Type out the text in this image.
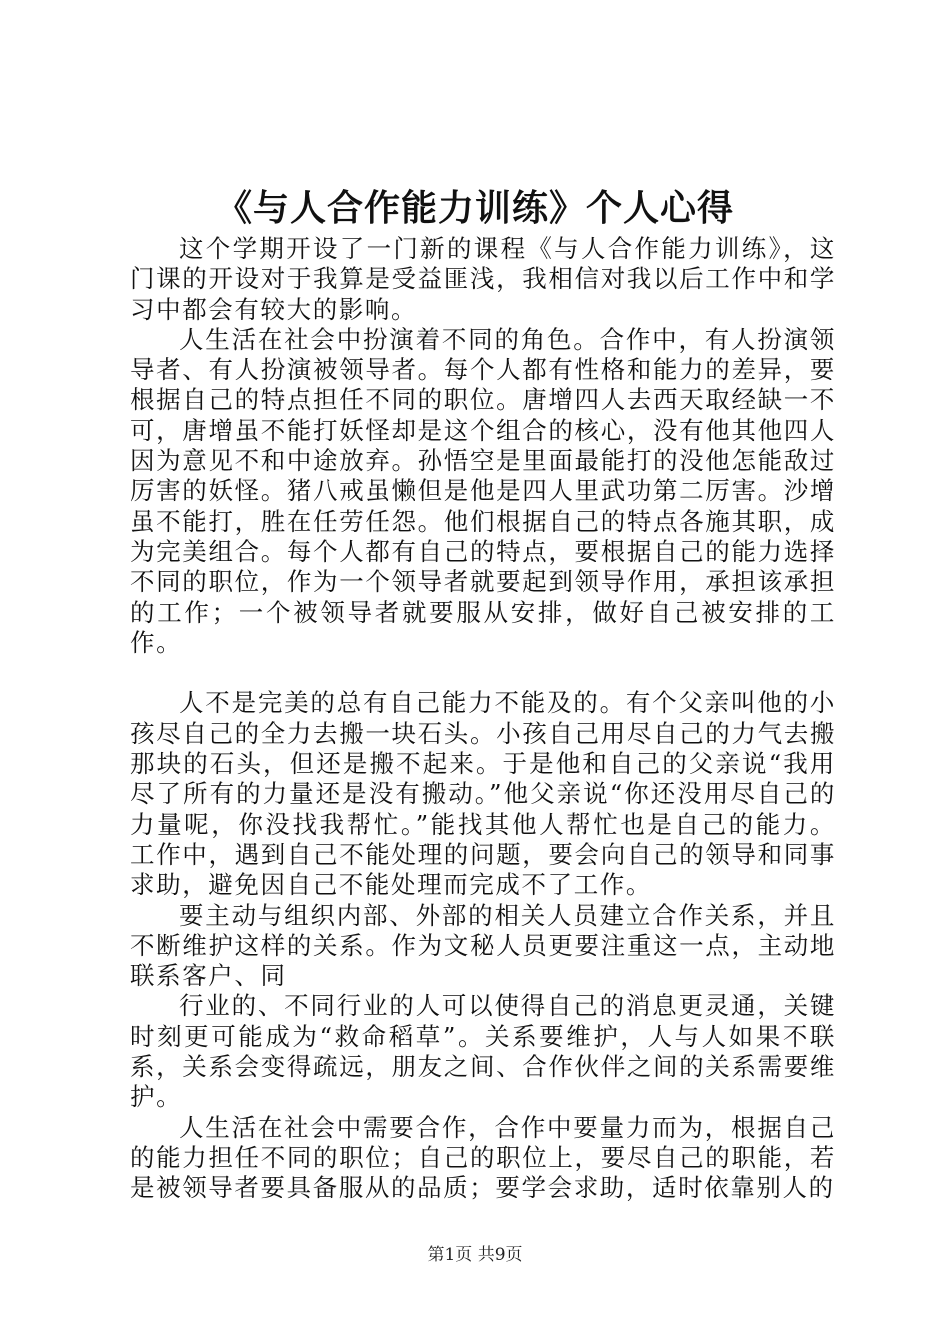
《与人合作能力训练》个人心得

这个学期开设了一门新的课程《与人合作能力训练》，这门课的开设对于我算是受益匪浅，我相信对我以后工作中和学习中都会有较大的影响。

人生活在社会中扮演着不同的角色。合作中，有人扮演领导者、有人扮演被领导者。每个人都有性格和能力的差异，要根据自己的特点担任不同的职位。唐增四人去西天取经缺一不可，唐增虽不能打妖怪却是这个组合的核心，没有他其他四人因为意见不和中途放弃。孙悟空是里面最能打的没他怎能敌过厉害的妖怪。猪八戒虽懒但是他是四人里武功第二厉害。沙增虽不能打，胜在任劳任怨。他们根据自己的特点各施其职，成为完美组合。每个人都有自己的特点，要根据自己的能力选择不同的职位，作为一个领导者就要起到领导作用，承担该承担的工作；一个被领导者就要服从安排，做好自己被安排的工作。

人不是完美的总有自己能力不能及的。有个父亲叫他的小孩尽自己的全力去搬一块石头。小孩自己用尽自己的力气去搬那块的石头，但还是搬不起来。于是他和自己的父亲说“我用尽了所有的力量还是没有搬动。”他父亲说“你还没用尽自己的力量呢，你没找我帮忙。”能找其他人帮忙也是自己的能力。工作中，遇到自己不能处理的问题，要会向自己的领导和同事求助，避免因自己不能处理而完成不了工作。

要主动与组织内部、外部的相关人员建立合作关系，并且不断维护这样的关系。作为文秘人员更要注重这一点，主动地联系客户、同

行业的、不同行业的人可以使得自己的消息更灵通，关键时刻更可能成为“救命稻草”。关系要维护，人与人如果不联系，关系会变得疏远，朋友之间、合作伙伴之间的关系需要维护。

人生活在社会中需要合作，合作中要量力而为，根据自己的能力担任不同的职位；自己的职位上，要尽自己的职能，若是被领导者要具备服从的品质；要学会求助，适时依靠别人的

第1页 共9页
